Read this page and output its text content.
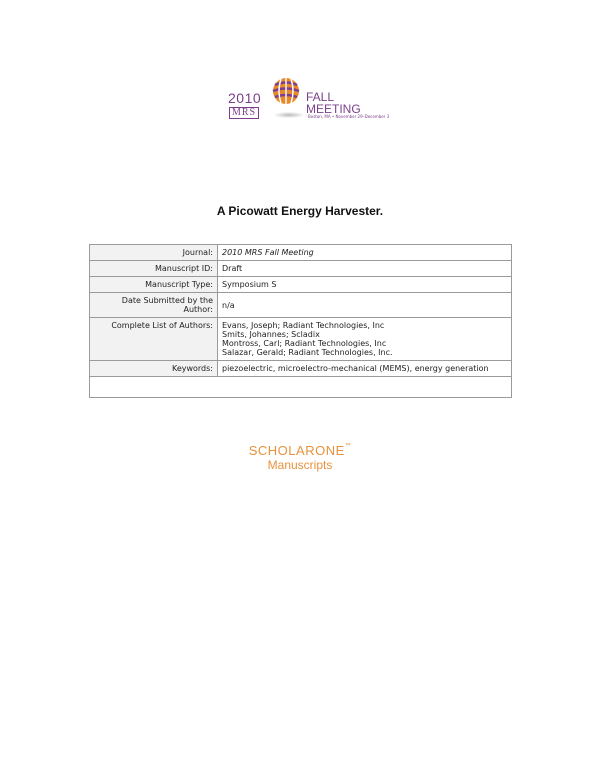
2010
MRS
FALL
MEETING
Boston, MA • November 29–December 3
A Picowatt Energy Harvester.
Journal:	2010 MRS Fall Meeting
Manuscript ID:	Draft
Manuscript Type:	Symposium S
Date Submitted by the Author:	n/a
Complete List of Authors:	Evans, Joseph; Radiant Technologies, Inc
Smits, Johannes; Scladix
Montross, Carl; Radiant Technologies, Inc
Salazar, Gerald; Radiant Technologies, Inc.

Keywords:	piezoelectric, microelectro-mechanical (MEMS), energy generation

SCHOLARONE™
Manuscripts
